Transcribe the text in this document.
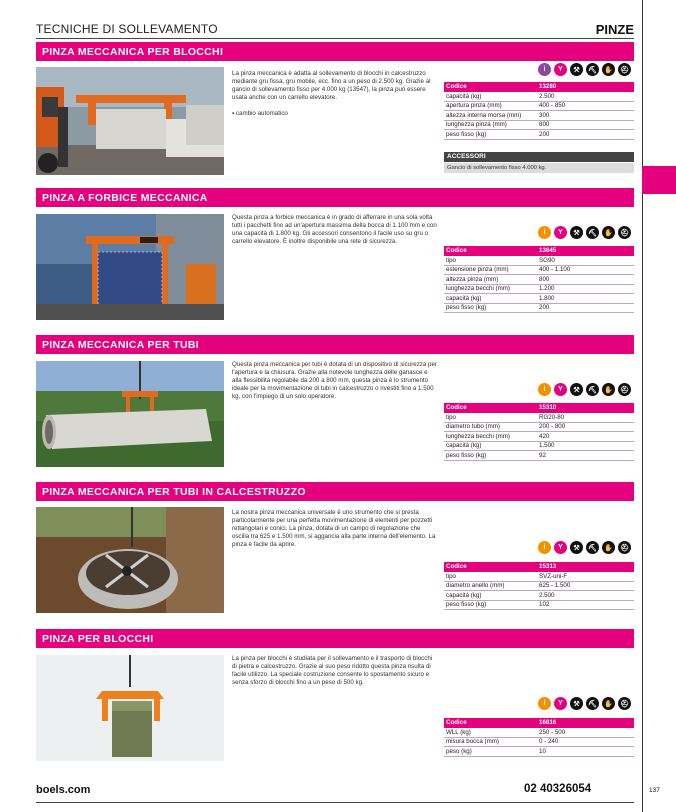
TECNICHE DI SOLLEVAMENTO	PINZE
PINZA MECCANICA PER BLOCCHI
La pinza meccanica è adatta al sollevamento di blocchi in calcestruzzo mediante gru fissa, gru mobile, ecc. fino a un peso di 2.500 kg. Grazie al gancio di sollevamento fisso per 4.000 kg (13547), la pinza può essere usata anche con un carrello elevatore.
▪ cambio automatico
i	Y	⚒	⛏	✋	⛑
Codice	13280
capacità (kg)	2.500
apertura pinza (mm)	400 - 850
altezza interna morsa (mm)	300
lunghezza pinza (mm)	800
peso fisso (kg)	200
ACCESSORI
Gancio di sollevamento fisso 4.000 kg.
PINZA A FORBICE MECCANICA
Questa pinza a forbice meccanica è in grado di afferrare in una sola volta tutti i pacchetti fino ad un'apertura massima della bocca di 1.100 mm e con una capacità di 1.800 kg. Gli accessori consentono il facile uso su gru o carrello elevatore. È inoltre disponibile una rete di sicurezza.
i	Y	⚒	⛏	✋	⛑
Codice	13645
tipo	SG90
estensione pinza (mm)	400 - 1.100
altezza pinza (mm)	800
lunghezza becchi (mm)	1.200
capacità (kg)	1.800
peso fisso (kg)	200
PINZA MECCANICA PER TUBI
Questa pinza meccanica per tubi è dotata di un dispositivo di sicurezza per l'apertura e la chiusura. Grazie alla notevole lunghezza delle ganasce e alla flessibilità regolabile da 200 a 800 mm, questa pinza è lo strumento ideale per la movimentazione di tubi in calcestruzzo o rivestiti fino a 1.500 kg, con l'impiego di un solo operatore.
i	Y	⚒	⛏	✋	⛑
Codice	15310
tipo	RG20-80
diametro tubo (mm)	200 - 800
lunghezza becchi (mm)	420
capacità (kg)	1.500
peso fisso (kg)	92
PINZA MECCANICA PER TUBI IN CALCESTRUZZO
La nostra pinza meccanica universale è uno strumento che si presta particolarmente per una perfetta movimentazione di elementi per pozzetti rettangolari e conici. La pinza, dotata di un campo di regolazione che oscilla tra 625 e 1.500 mm, si aggancia alla parte interna dell'elemento. La pinza è facile da aprire.	i	Y	⚒	⛏	✋	⛑
Codice	15313
tipo	SVZ-uni-F
diametro anello (mm)	625 - 1.500
capacità (kg)	2.500
peso fisso (kg)	102
PINZA PER BLOCCHI
La pinza per blocchi è studiata per il sollevamento e il trasporto di blocchi di pietra e calcestruzzo. Grazie al suo peso ridotto questa pinza risulta di facile utilizzo. La speciale costruzione consente lo spostamento sicuro e senza sforzo di blocchi fino a un peso di 500 kg.
i	Y	⚒	⛏	✋	⛑
Codice	16816
WLL (kg)	250 - 500
misura bocca (mm)	0 - 240
peso (kg)	10
boels.com	02 40326054	137
